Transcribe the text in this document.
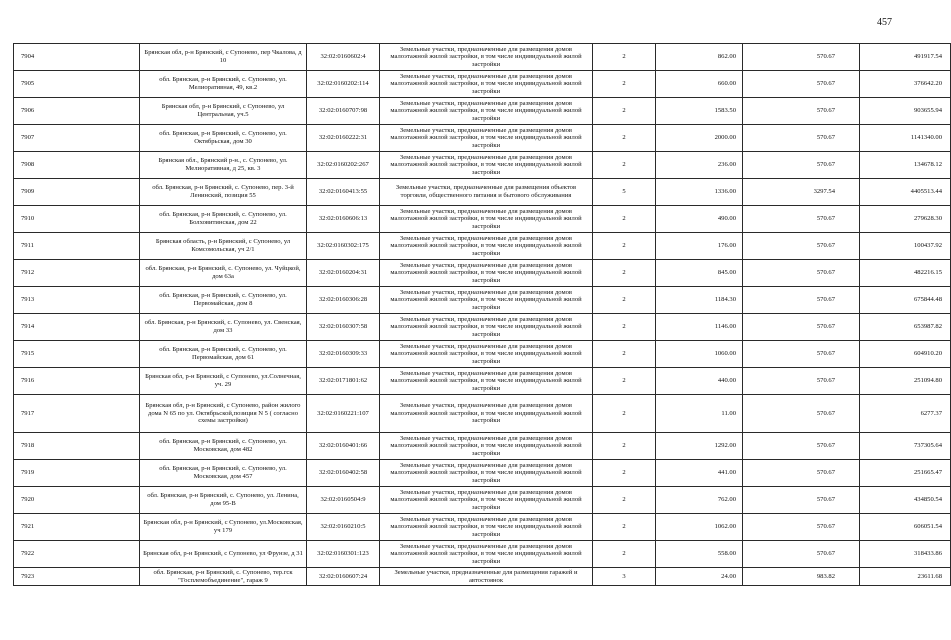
457
7904	Брянская обл, р-н Брянский, с Супонево, пер Чкалова, д 10	32:02:0160602:4	Земельные участки, предназначенные для размещения домов малоэтажной жилой застройки, в том числе индивидуальной жилой застройки	2	862.00	570.67	491917.54
7905	обл. Брянская, р-н Брянский, с. Супонево, ул. Мелиоративная, 49, кв.2	32:02:0160202:114	Земельные участки, предназначенные для размещения домов малоэтажной жилой застройки, в том числе индивидуальной жилой застройки	2	660.00	570.67	376642.20
7906	Брянская обл, р-н Брянский, с Супонево, ул Центральная, уч.5	32:02:0160707:98	Земельные участки, предназначенные для размещения домов малоэтажной жилой застройки, в том числе индивидуальной жилой застройки	2	1583.50	570.67	903655.94
7907	обл. Брянская, р-н Брянский, с. Супонево, ул. Октябрьская, дом 30	32:02:0160222:31	Земельные участки, предназначенные для размещения домов малоэтажной жилой застройки, в том числе индивидуальной жилой застройки	2	2000.00	570.67	1141340.00
7908	Брянская обл., Брянский р-н., с. Супонево, ул. Мелиоративная, д 25, кв. 3	32:02:0160202:267	Земельные участки, предназначенные для размещения домов малоэтажной жилой застройки, в том числе индивидуальной жилой застройки	2	236.00	570.67	134678.12
7909	обл. Брянская, р-н Брянский, с. Супонево, пер. 3-й Ленинский, позиция 55	32:02:0160413:55	Земельные участки, предназначенные для размещения объектов торговли, общественного питания и бытового обслуживания	5	1336.00	3297.54	4405513.44
7910	обл. Брянская, р-н Брянский, с. Супонево, ул. Болховитинская, дом 22	32:02:0160606:13	Земельные участки, предназначенные для размещения домов малоэтажной жилой застройки, в том числе индивидуальной жилой застройки	2	490.00	570.67	279628.30
7911	Брянская область, р-н Брянский, с Супонево, ул Комсомольская, уч 2/1	32:02:0160302:175	Земельные участки, предназначенные для размещения домов малоэтажной жилой застройки, в том числе индивидуальной жилой застройки	2	176.00	570.67	100437.92
7912	обл. Брянская, р-н Брянский, с. Супонево, ул. Чуйцкой, дом 63а	32:02:0160204:31	Земельные участки, предназначенные для размещения домов малоэтажной жилой застройки, в том числе индивидуальной жилой застройки	2	845.00	570.67	482216.15
7913	обл. Брянская, р-н Брянский, с. Супонево, ул. Первомайская, дом 8	32:02:0160306:28	Земельные участки, предназначенные для размещения домов малоэтажной жилой застройки, в том числе индивидуальной жилой застройки	2	1184.30	570.67	675844.48
7914	обл. Брянская, р-н Брянский, с. Супонево, ул. Свенская, дом 33	32:02:0160307:58	Земельные участки, предназначенные для размещения домов малоэтажной жилой застройки, в том числе индивидуальной жилой застройки	2	1146.00	570.67	653987.82
7915	обл. Брянская, р-н Брянский, с. Супонево, ул. Первомайская, дом 61	32:02:0160309:33	Земельные участки, предназначенные для размещения домов малоэтажной жилой застройки, в том числе индивидуальной жилой застройки	2	1060.00	570.67	604910.20
7916	Брянская обл, р-н Брянский, с Супонево, ул.Солнечная, уч. 29	32:02:0171801:62	Земельные участки, предназначенные для размещения домов малоэтажной жилой застройки, в том числе индивидуальной жилой застройки	2	440.00	570.67	251094.80
7917	Брянская обл, р-н Брянский, с Супонево, район жилого дома N 65 по ул. Октябрьской,позиция N 5 ( согласно схемы застройки)	32:02:0160221:107	Земельные участки, предназначенные для размещения домов малоэтажной жилой застройки, в том числе индивидуальной жилой застройки	2	11.00	570.67	6277.37
7918	обл. Брянская, р-н Брянский, с. Супонево, ул. Московская, дом 482	32:02:0160401:66	Земельные участки, предназначенные для размещения домов малоэтажной жилой застройки, в том числе индивидуальной жилой застройки	2	1292.00	570.67	737305.64
7919	обл. Брянская, р-н Брянский, с. Супонево, ул. Московская, дом 457	32:02:0160402:58	Земельные участки, предназначенные для размещения домов малоэтажной жилой застройки, в том числе индивидуальной жилой застройки	2	441.00	570.67	251665.47
7920	обл. Брянская, р-н Брянский, с. Супонево, ул. Ленина, дом 95-В	32:02:0160504:9	Земельные участки, предназначенные для размещения домов малоэтажной жилой застройки, в том числе индивидуальной жилой застройки	2	762.00	570.67	434850.54
7921	Брянская обл, р-н Брянский, с Супонево, ул.Московская, уч 179	32:02:0160210:5	Земельные участки, предназначенные для размещения домов малоэтажной жилой застройки, в том числе индивидуальной жилой застройки	2	1062.00	570.67	606051.54
7922	Брянская обл, р-н Брянский, с Супонево, ул Фрунзе, д 31	32:02:0160301:123	Земельные участки, предназначенные для размещения домов малоэтажной жилой застройки, в том числе индивидуальной жилой застройки	2	558.00	570.67	318433.86
7923	обл. Брянская, р-н Брянский, с. Супонево, тер.гск "Госплемобъединение", гараж 9	32:02:0160607:24	Земельные участки, предназначенные для размещения гаражей и автостоянок	3	24.00	983.82	23611.68
